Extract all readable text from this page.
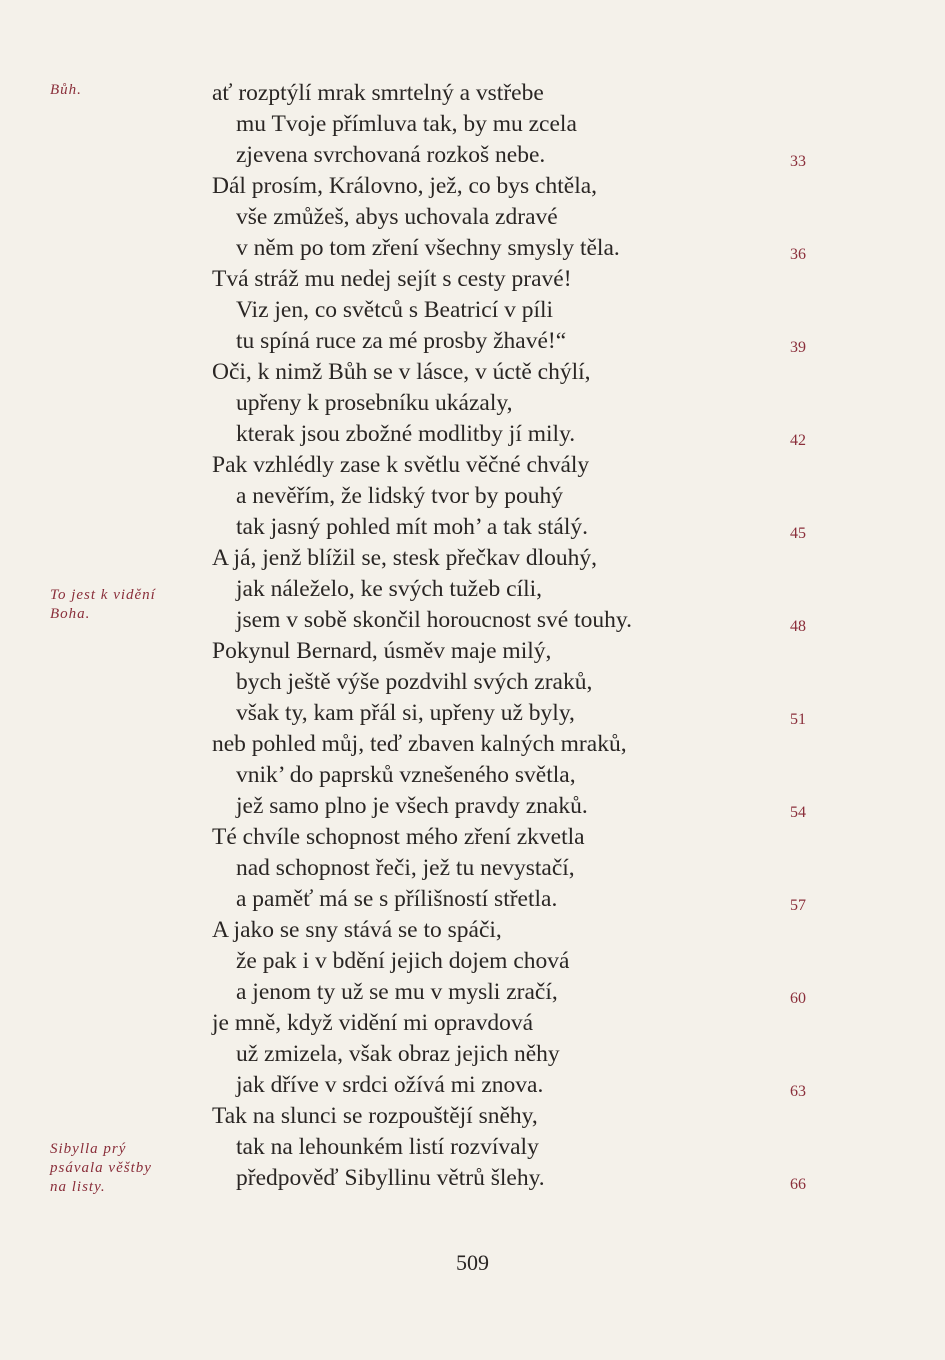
Bůh.
To jest k vidění
Boha.
Sibylla prý
psávala věštby
na listy.
ať rozptýlí mrak smrtelný a vstřebe
mu Tvoje přímluva tak, by mu zcela
zjevena svrchovaná rozkoš nebe.	33
Dál prosím, Královno, jež, co bys chtěla,
vše zmůžeš, abys uchovala zdravé
v něm po tom zření všechny smysly těla.	36
Tvá stráž mu nedej sejít s cesty pravé!
Viz jen, co světců s Beatricí v píli
tu spíná ruce za mé prosby žhavé!“	39
Oči, k nimž Bůh se v lásce, v úctě chýlí,
upřeny k prosebníku ukázaly,
kterak jsou zbožné modlitby jí mily.	42
Pak vzhlédly zase k světlu věčné chvály
a nevěřím, že lidský tvor by pouhý
tak jasný pohled mít moh’ a tak stálý.	45
A já, jenž blížil se, stesk přečkav dlouhý,
jak náleželo, ke svých tužeb cíli,
jsem v sobě skončil horoucnost své touhy.	48
Pokynul Bernard, úsměv maje milý,
bych ještě výše pozdvihl svých zraků,
však ty, kam přál si, upřeny už byly,	51
neb pohled můj, teď zbaven kalných mraků,
vnik’ do paprsků vznešeného světla,
jež samo plno je všech pravdy znaků.	54
Té chvíle schopnost mého zření zkvetla
nad schopnost řeči, jež tu nevystačí,
a paměť má se s přílišností střetla.	57
A jako se sny stává se to spáči,
že pak i v bdění jejich dojem chová
a jenom ty už se mu v mysli zračí,	60
je mně, když vidění mi opravdová
už zmizela, však obraz jejich něhy
jak dříve v srdci ožívá mi znova.	63
Tak na slunci se rozpouštějí sněhy,
tak na lehounkém listí rozvívaly
předpověď Sibyllinu větrů šlehy.	66
509
